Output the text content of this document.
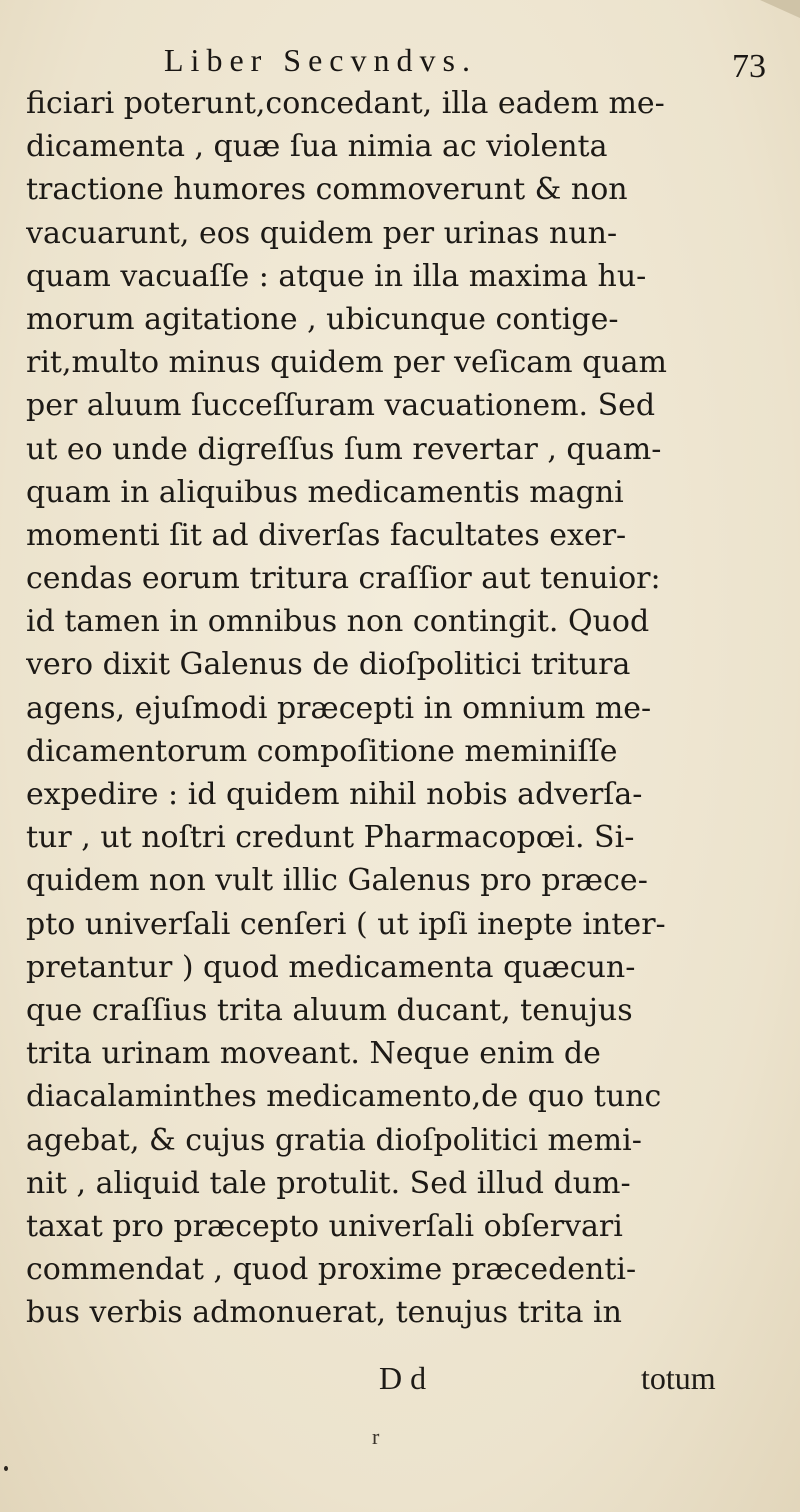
Liber Secvndvs.	73
ficiari poterunt,concedant, illa eadem me-
dicamenta , quæ ſua nimia ac violenta
tractione humores commoverunt & non
vacuarunt, eos quidem per urinas nun-
quam vacuaſſe : atque in illa maxima hu-
morum agitatione , ubicunque contige-
rit,multo minus quidem per veſicam quam
per aluum ſucceſſuram vacuationem. Sed
ut eo unde digreſſus ſum revertar , quam-
quam in aliquibus medicamentis magni
momenti ſit ad diverſas facultates exer-
cendas eorum tritura craſſior aut tenuior:
id tamen in omnibus non contingit. Quod
vero dixit Galenus de dioſpolitici tritura
agens, ejuſmodi præcepti in omnium me-
dicamentorum compoſitione meminiſſe
expedire : id quidem nihil nobis adverſa-
tur , ut noſtri credunt Pharmacopœi. Si-
quidem non vult illic Galenus pro præce-
pto univerſali cenſeri ( ut ipſi inepte inter-
pretantur ) quod medicamenta quæcun-
que craſſius trita aluum ducant, tenujus
trita urinam moveant. Neque enim de
diacalaminthes medicamento,de quo tunc
agebat, & cujus gratia dioſpolitici memi-
nit , aliquid tale protulit. Sed illud dum-
taxat pro præcepto univerſali obſervari
commendat , quod proxime præcedenti-
bus verbis admonuerat, tenujus trita in
D d	totum
r
